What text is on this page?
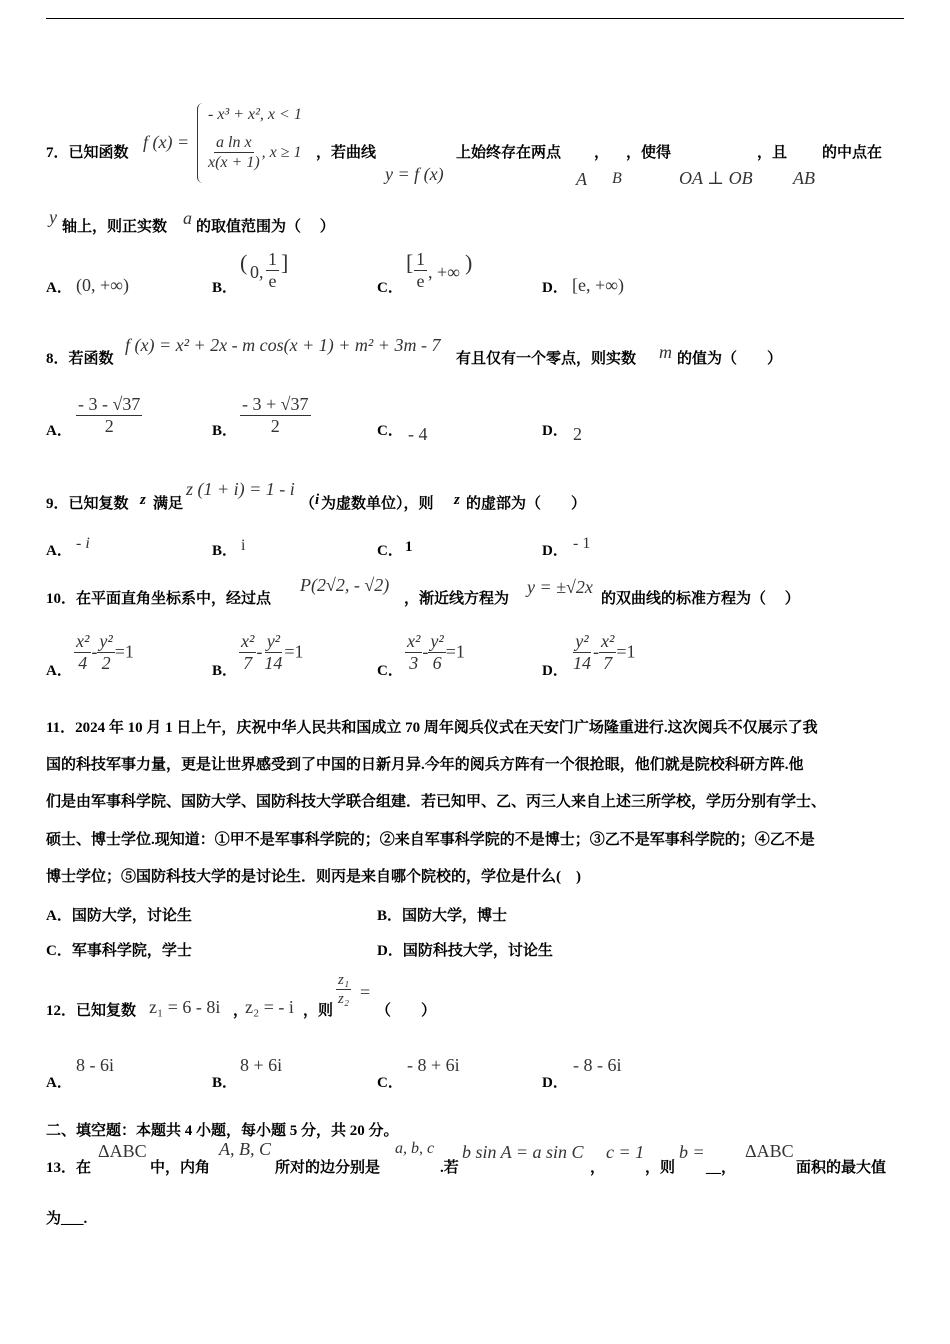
7．已知函数
f (x) =
- x³ + x², x < 1
$\frac{\text{a ln x}}{x(x + 1)}$ , x ≥ 1 ，若曲线
y = f (x)
上始终存在两点
A
，
B
，使得
OA ⊥ OB
，且
AB
的中点在
y 轴上，则正实数 a 的取值范围为（　 ）
A． (0, +∞)	B．
( 0, $\frac{1}{e}$ ]
C．
[ $\frac{1}{e}$ , +∞ )
D． [e, +∞)
8．若函数
f (x) = x² + 2x - m cos(x + 1) + m² + 3m - 7
有且仅有一个零点，则实数 m 的值为（　　）
A． $\frac{- 3 - √37}{2}$	B． $\frac{- 3 + √37}{2}$	C． - 4	D． 2
9．已知复数 z 满足
z (1 + i) = 1 - i
（ i 为虚数单位），则 z 的虚部为（　　）
A． - i	B． i	C． 1	D． - 1
10．在平面直角坐标系中，经过点
P(2√2, - √2)
，渐近线方程为
y = ±√2x
的双曲线的标准方程为（　 ）
A． $\frac{\text{x²}}{4} - \frac{\text{y²}}{2} =1$
B． $\frac{\text{x²}}{7} - \frac{\text{y²}}{14} =1$
C． $\frac{\text{x²}}{3} - \frac{\text{y²}}{6} =1$
D． $\frac{\text{y²}}{14} - \frac{\text{x²}}{7} =1$
11．2024 年 10 月 1 日上午，庆祝中华人民共和国成立 70 周年阅兵仪式在天安门广场隆重进行.这次阅兵不仅展示了我
国的科技军事力量，更是让世界感受到了中国的日新月异.今年的阅兵方阵有一个很抢眼，他们就是院校科研方阵.他
们是由军事科学院、国防大学、国防科技大学联合组建．若已知甲、乙、丙三人来自上述三所学校，学历分别有学士、
硕士、博士学位.现知道：①甲不是军事科学院的；②来自军事科学院的不是博士；③乙不是军事科学院的；④乙不是
博士学位；⑤国防科技大学的是讨论生．则丙是来自哪个院校的，学位是什么(　)
A．国防大学，讨论生	B．国防大学，博士
C．军事科学院，学士	D．国防科技大学，讨论生
12．已知复数 z₁ = 6 - 8i ，
z₂ = - i ，则
$\frac{\text{z₁}}{\text{z₂}}$ =
（　　）
A．
8 - 6i
B．
8 + 6i
C．
- 8 + 6i
D．
- 8 - 6i
二、填空题：本题共 4 小题，每小题 5 分，共 20 分。
13．在
ΔABC
中，内角
A, B, C
所对的边分别是
a, b, c
.若
b sin A = a sin C
，
c = 1
，则
b =
__，
ΔABC
面积的最大值
为___.
